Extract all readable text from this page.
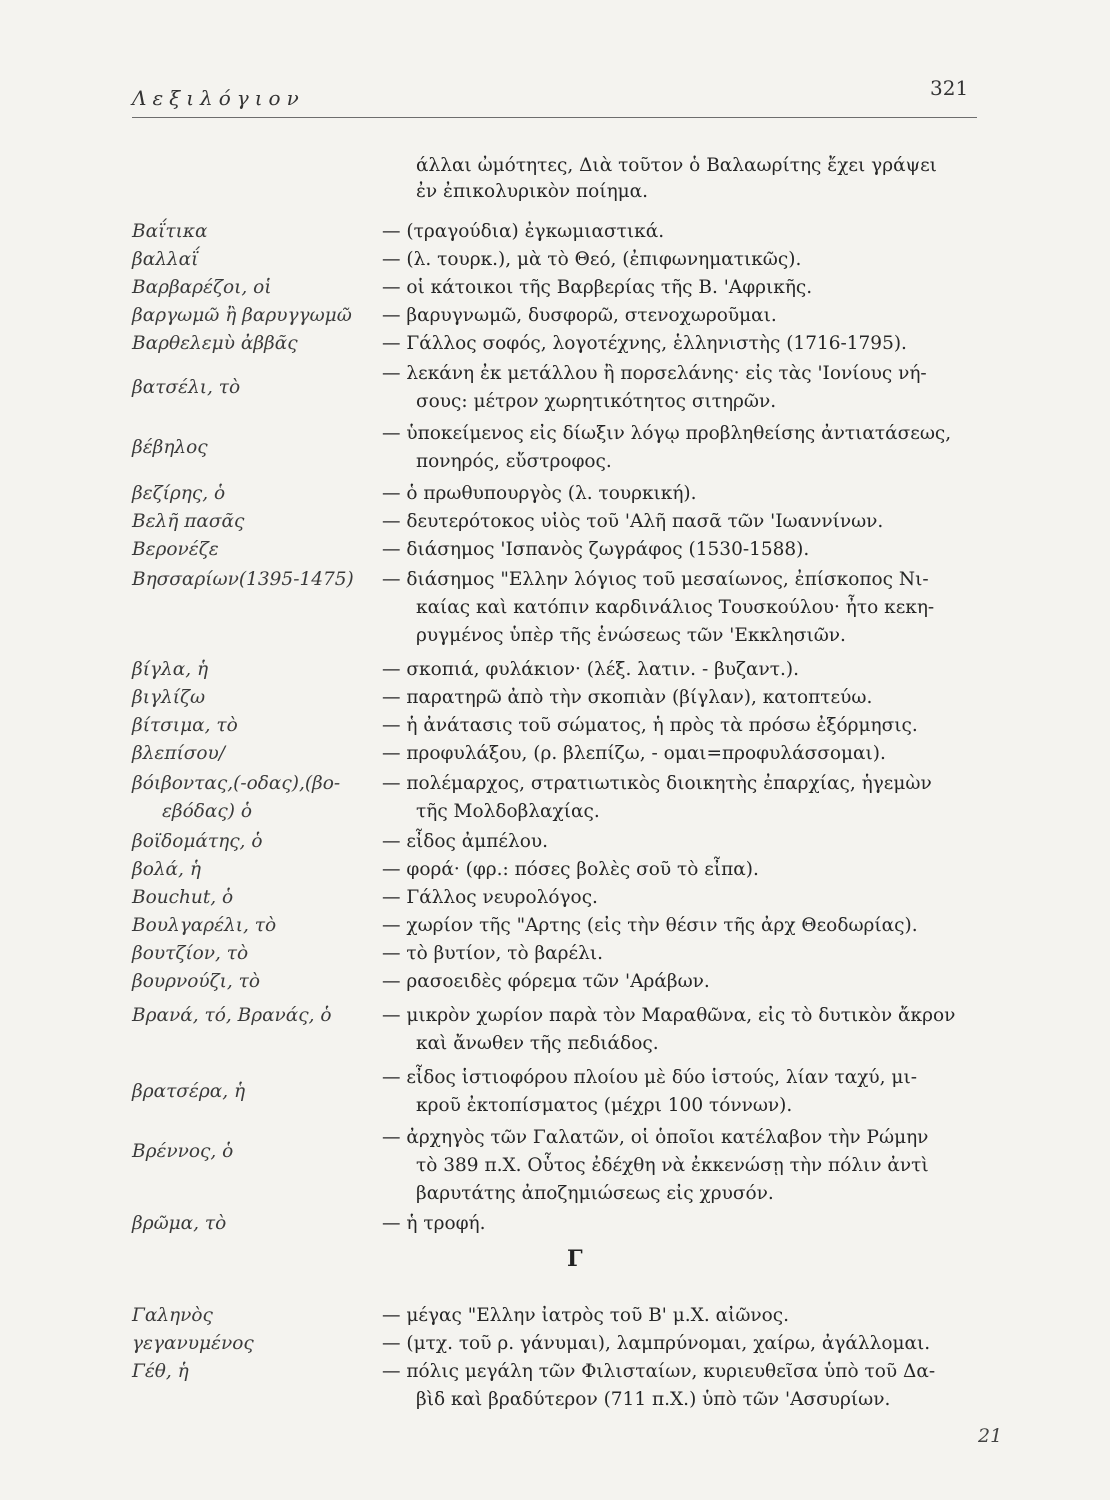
Λεξιλόγιον	321
άλλαι ὠμότητες, Διὰ τοῦτον ὁ Βαλαωρίτης ἔχει γράψει
ἐν ἐπικολυρικὸν ποίημα.
Βαΐτικα	— (τραγούδια) ἐγκωμιαστικά.
βαλλαΐ	— (λ. τουρκ.), μὰ τὸ Θεό, (ἐπιφωνηματικῶς).
Βαρβαρέζοι, οἱ	— οἱ κάτοικοι τῆς Βαρβερίας τῆς Β. 'Αφρικῆς.
βαργωμῶ ἢ βαρυγγωμῶ — βαρυγνωμῶ, δυσφορῶ, στενοχωροῦμαι.
Βαρθελεμὺ ἀββᾶς	— Γάλλος σοφός, λογοτέχνης, ἑλληνιστὴς (1716-1795).
βατσέλι, τὸ
— λεκάνη ἐκ μετάλλου ἢ πορσελάνης· εἰς τὰς 'Ιονίους νή-
σους: μέτρον χωρητικότητος σιτηρῶν.
βέβηλος
— ὑποκείμενος εἰς δίωξιν λόγῳ προβληθείσης ἀντιατάσεως,
πονηρός, εὔστροφος.
βεζίρης, ὁ	— ὁ πρωθυπουργὸς (λ. τουρκική).
Βελῆ πασᾶς	— δευτερότοκος υἱὸς τοῦ 'Αλῆ πασᾶ τῶν 'Ιωαννίνων.
Βερονέζε	— διάσημος 'Ισπανὸς ζωγράφος (1530-1588).
Βησσαρίων(1395-1475) — διάσημος "Ελλην λόγιος τοῦ μεσαίωνος, ἐπίσκοπος Νι-
καίας καὶ κατόπιν καρδινάλιος Τουσκούλου· ἦτο κεκη-
ρυγμένος ὑπὲρ τῆς ἑνώσεως τῶν 'Εκκλησιῶν.
βίγλα, ἡ	— σκοπιά, φυλάκιον· (λέξ. λατιν. - βυζαντ.).
βιγλίζω	— παρατηρῶ ἀπὸ τὴν σκοπιὰν (βίγλαν), κατοπτεύω.
βίτσιμα, τὸ	— ἡ ἀνάτασις τοῦ σώματος, ἡ πρὸς τὰ πρόσω ἐξόρμησις.
βλεπίσου/	— προφυλάξου, (ρ. βλεπίζω, - ομαι=προφυλάσσομαι).
βόιβοντας,(-οδας),(βο-
εβόδας) ὁ
— πολέμαρχος, στρατιωτικὸς διοικητὴς ἐπαρχίας, ἡγεμὼν
τῆς Μολδοβλαχίας.
βοϊδομάτης, ὁ	— εἶδος ἀμπέλου.
βολά, ἡ	— φορά· (φρ.: πόσες βολὲς σοῦ τὸ εἶπα).
Bouchut, ὁ	— Γάλλος νευρολόγος.
Βουλγαρέλι, τὸ	— χωρίον τῆς "Αρτης (εἰς τὴν θέσιν τῆς ἀρχ Θεοδωρίας).
βουτζίον, τὸ	— τὸ βυτίον, τὸ βαρέλι.
βουρνούζι, τὸ	— ρασοειδὲς φόρεμα τῶν 'Αράβων.
Βρανά, τό, Βρανάς, ὁ	— μικρὸν χωρίον παρὰ τὸν Μαραθῶνα, εἰς τὸ δυτικὸν ἄκρον
καὶ ἄνωθεν τῆς πεδιάδος.
βρατσέρα, ἡ
— εἶδος ἱστιοφόρου πλοίου μὲ δύο ἱστούς, λίαν ταχύ, μι-
κροῦ ἐκτοπίσματος (μέχρι 100 τόννων).
Βρέννος, ὁ
— ἀρχηγὸς τῶν Γαλατῶν, οἱ ὁποῖοι κατέλαβον τὴν Ρώμην
τὸ 389 π.Χ. Οὗτος ἐδέχθη νὰ ἐκκενώσῃ τὴν πόλιν ἀντὶ
βαρυτάτης ἀποζημιώσεως εἰς χρυσόν.
βρῶμα, τὸ	— ἡ τροφή.
Γαληνὸς	— μέγας "Ελλην ἰατρὸς τοῦ Β' μ.Χ. αἰῶνος.
γεγανυμένος	— (μτχ. τοῦ ρ. γάνυμαι), λαμπρύνομαι, χαίρω, ἀγάλλομαι.
Γέθ, ἡ	— πόλις μεγάλη τῶν Φιλισταίων, κυριευθεῖσα ὑπὸ τοῦ Δα-
βὶδ καὶ βραδύτερον (711 π.Χ.) ὑπὸ τῶν 'Ασσυρίων.
Γ
21
